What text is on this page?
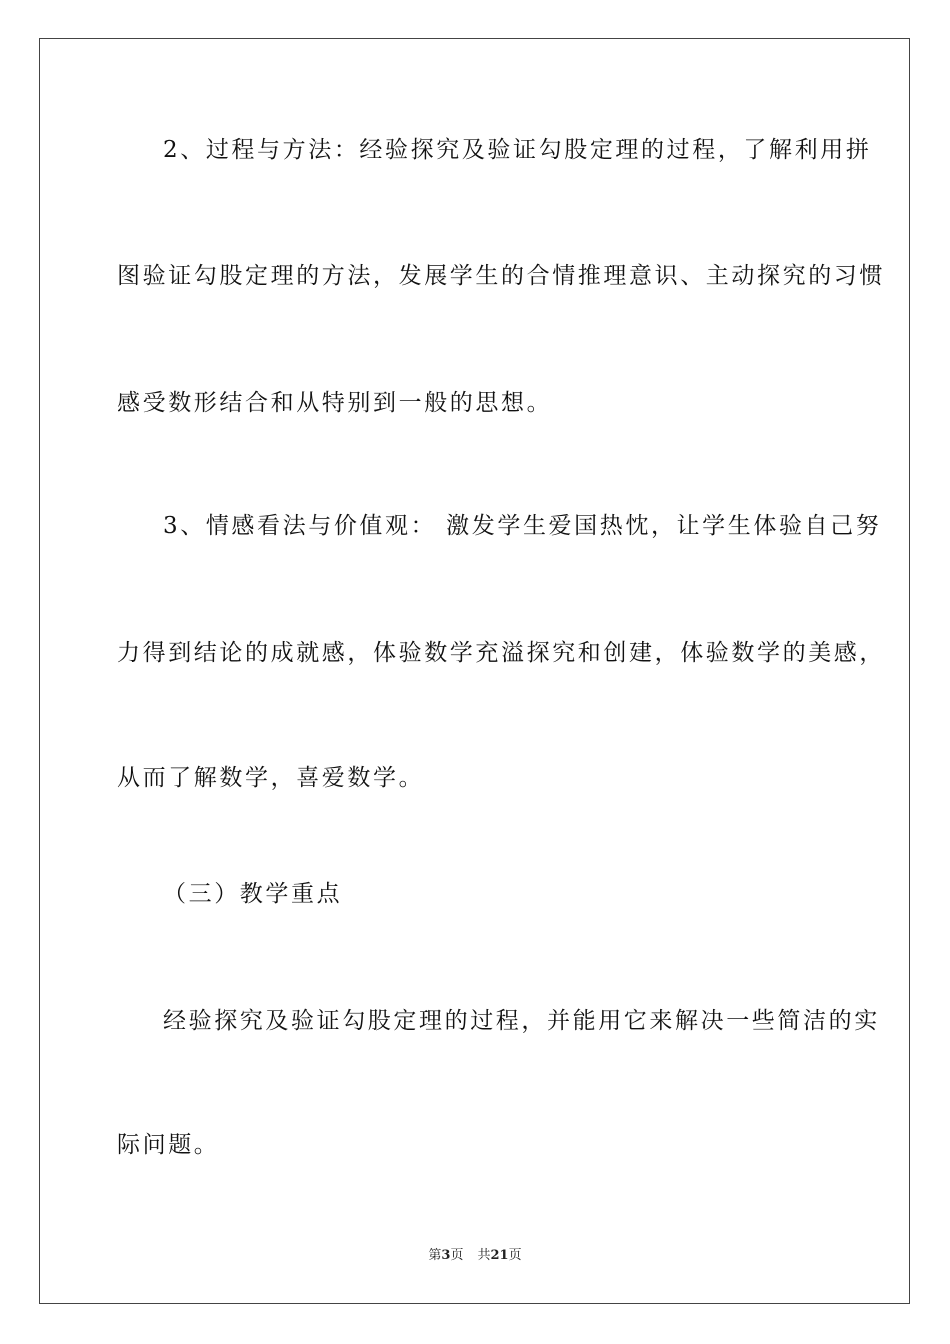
2、过程与方法：经验探究及验证勾股定理的过程，了解利用拼
图验证勾股定理的方法，发展学生的合情推理意识、主动探究的习惯
感受数形结合和从特别到一般的思想。
3、情感看法与价值观： 激发学生爱国热忱，让学生体验自己努
力得到结论的成就感，体验数学充溢探究和创建，体验数学的美感，
从而了解数学，喜爱数学。
（三）教学重点
经验探究及验证勾股定理的过程，并能用它来解决一些简洁的实
际问题。
第3页 共21页
